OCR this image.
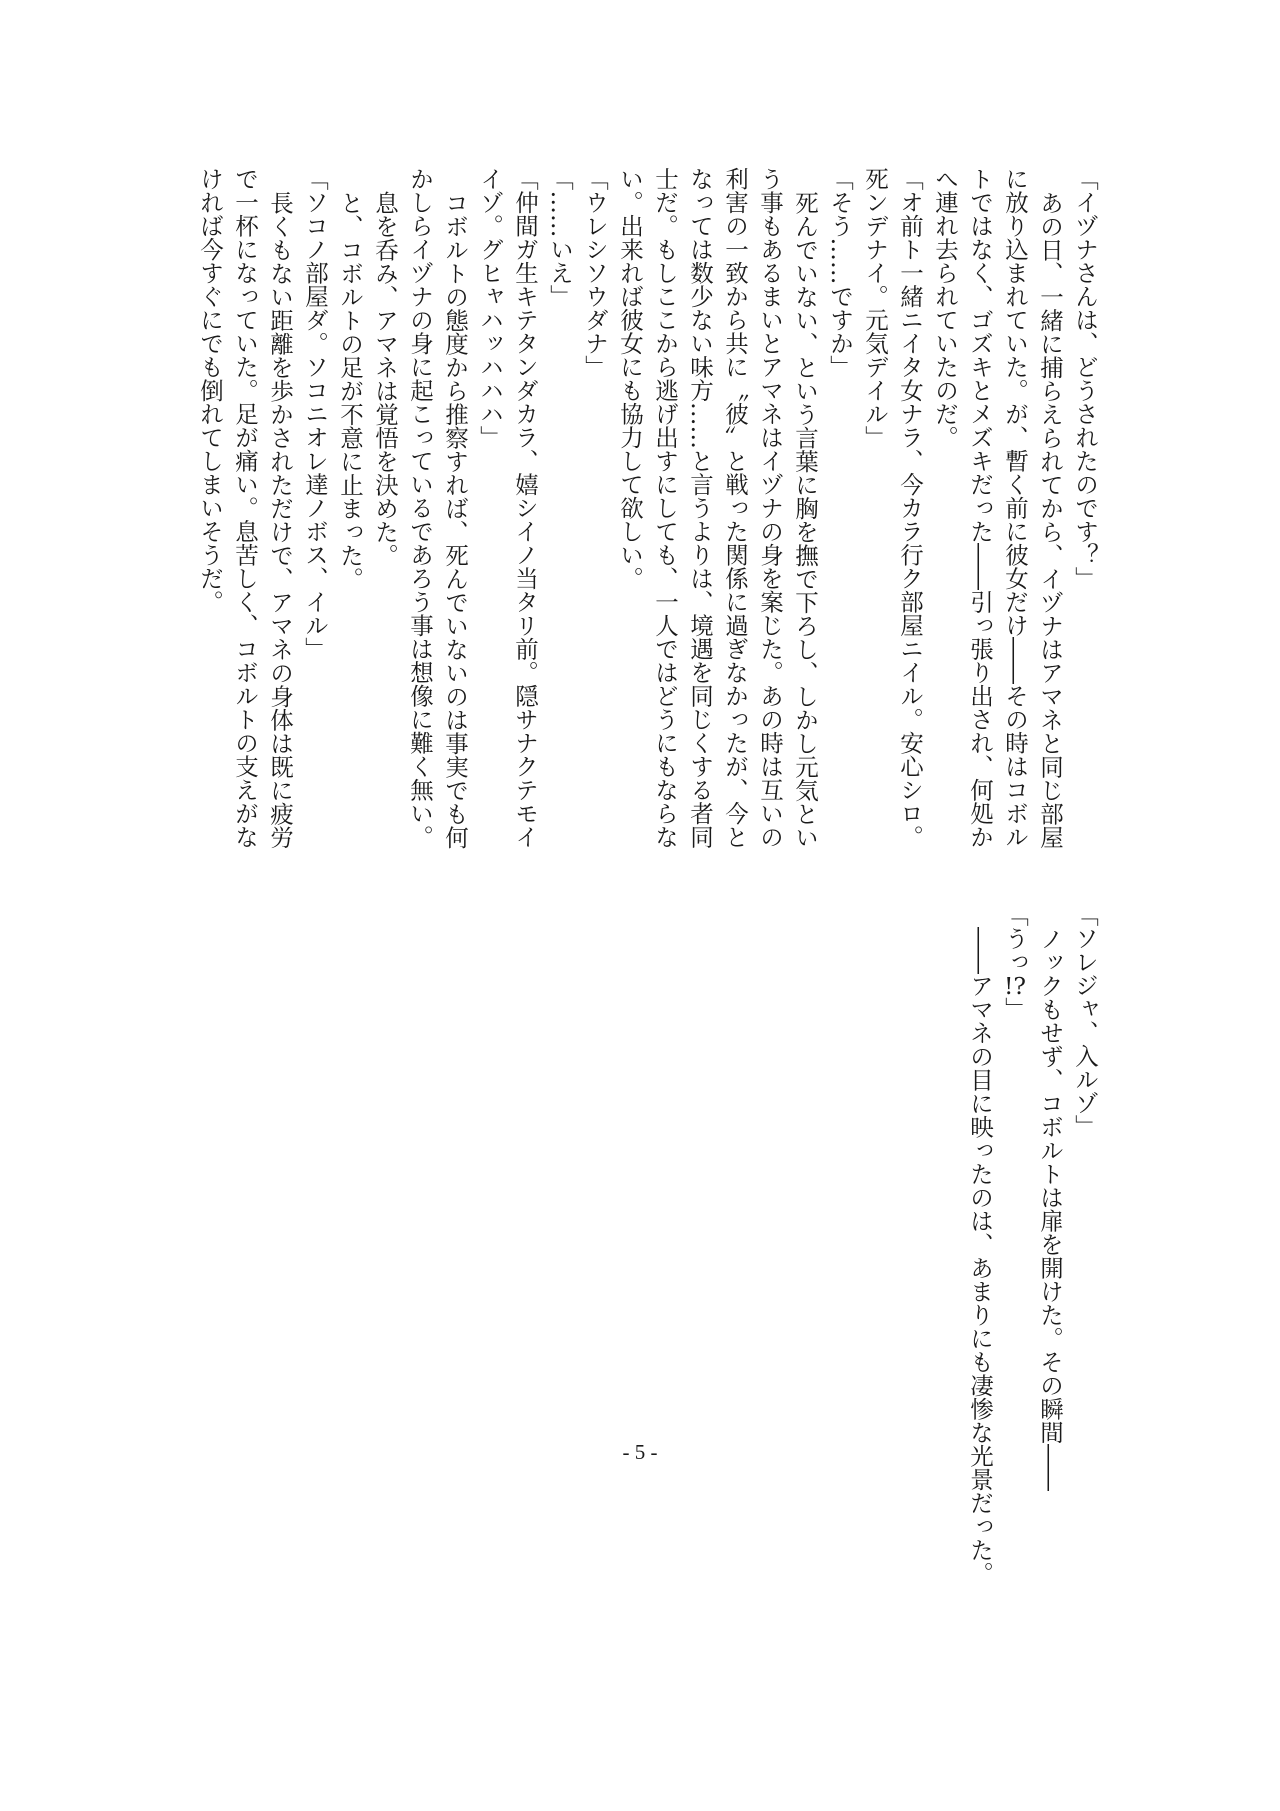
「イヅナさんは、どうされたのです？」
あの日、一緒に捕らえられてから、イヅナはアマネと同じ部屋
に放り込まれていた。が、暫く前に彼女だけ――その時はコボル
トではなく、ゴズキとメズキだった――引っ張り出され、何処か
へ連れ去られていたのだ。
「オ前ト一緒ニイタ女ナラ、今カラ行ク部屋ニイル。安心シロ。
死ンデナイ。元気デイル」
「そう……ですか」
死んでいない、という言葉に胸を撫で下ろし、しかし元気とい
う事もあるまいとアマネはイヅナの身を案じた。あの時は互いの
利害の一致から共に〝彼〟と戦った関係に過ぎなかったが、今と
なっては数少ない味方……と言うよりは、境遇を同じくする者同
士だ。もしここから逃げ出すにしても、一人ではどうにもならな
い。出来れば彼女にも協力して欲しい。
「ウレシソウダナ」
「……いえ」
「仲間ガ生キテタンダカラ、嬉シイノ当タリ前。隠サナクテモイ
イゾ。グヒャハッハハハ」
コボルトの態度から推察すれば、死んでいないのは事実でも何
かしらイヅナの身に起こっているであろう事は想像に難く無い。
息を呑み、アマネは覚悟を決めた。
と、コボルトの足が不意に止まった。
「ソコノ部屋ダ。ソコニオレ達ノボス、イル」
長くもない距離を歩かされただけで、アマネの身体は既に疲労
で一杯になっていた。足が痛い。息苦しく、コボルトの支えがな
ければ今すぐにでも倒れてしまいそうだ。
「ソレジャ、入ルゾ」
ノックもせず、コボルトは扉を開けた。その瞬間――
「うっ!?」
――アマネの目に映ったのは、あまりにも凄惨な光景だった。
- 5 -
